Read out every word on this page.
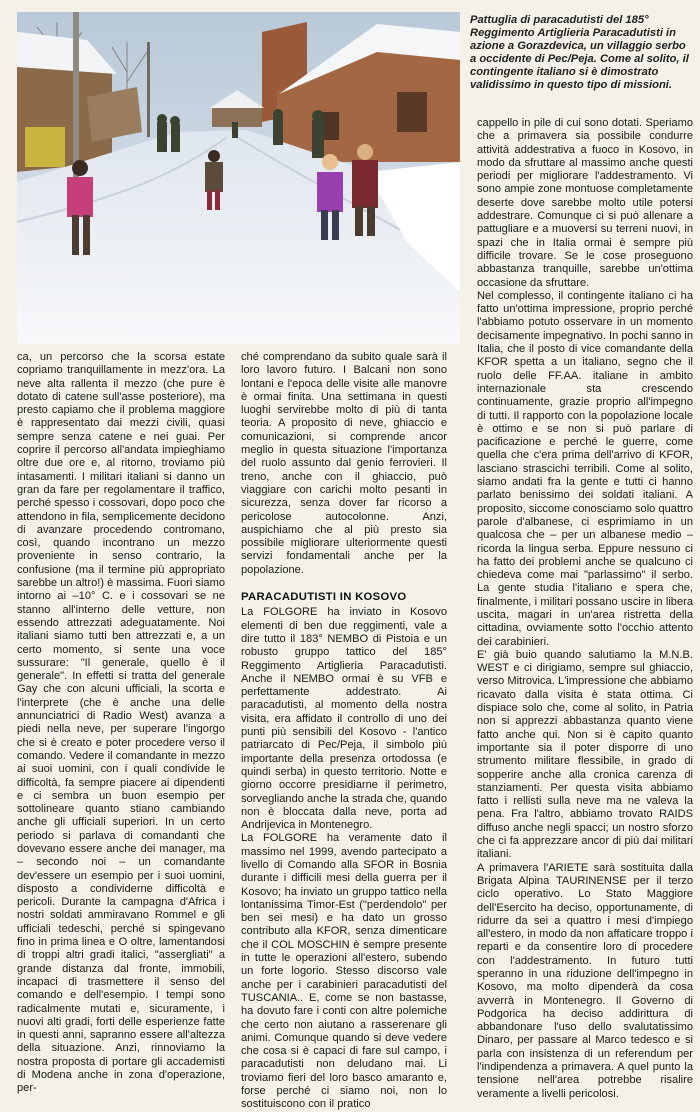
Pattuglia di paracadutisti del 185° Reggimento Artiglieria Paracadutisti in azione a Gorazdevica, un villaggio serbo a occidente di Pec/Peja. Come al solito, il contingente italiano si è dimostrato validissimo in questo tipo di missioni.

ca, un percorso che la scorsa estate copriamo tranquillamente in mezz'ora. La neve alta rallenta il mezzo (che pure è dotato di catene sull'asse posteriore), ma presto capiamo che il problema maggiore è rappresentato dai mezzi civili, quasi sempre senza catene e nei guai. Per coprire il percorso all'andata impieghiamo oltre due ore e, al ritorno, troviamo più intasamenti. I militari italiani si danno un gran da fare per regolamentare il traffico, perché spesso i cossovari, dopo poco che attendono in fila, semplicemente decidono di avanzare procedendo contromano, così, quando incontrano un mezzo proveniente in senso contrario, la confusione (ma il termine più appropriato sarebbe un altro!) è massima. Fuori siamo intorno ai –10° C. e i cossovari se ne stanno all'interno delle vetture, non essendo attrezzati adeguatamente. Noi italiani siamo tutti ben attrezzati e, a un certo momento, si sente una voce sussurare: "Il generale, quello è il generale". In effetti si tratta del generale Gay che con alcuni ufficiali, la scorta e l'interprete (che è anche una delle annunciatrici di Radio West) avanza a piedi nella neve, per superare l'ingorgo che si è creato e poter procedere verso il comando. Vedere il comandante in mezzo ai suoi uomini, con i quali condivide le difficoltà, fa sempre piacere ai dipendenti e ci sembra un buon esempio per sottolineare quanto stiano cambiando anche gli ufficiali superiori. In un certo periodo si parlava di comandanti che dovevano essere anche dei manager, ma – secondo noi – un comandante dev'essere un esempio per i suoi uomini, disposto a condividerne difficoltà e pericoli. Durante la campagna d'Africa i nostri soldati ammiravano Rommel e gli ufficiali tedeschi, perché si spingevano fino in prima linea e O oltre, lamentandosi di troppi altri gradi italici, "assergliati" a grande distanza dal fronte, immobili, incapaci di trasmettere il senso del comando e dell'esempio. I tempi sono radicalmente mutati e, sicuramente, i nuovi alti gradi, forti delle esperienze fatte in questi anni, sapranno essere all'altezza della situazione. Anzi, rinnoviamo la nostra proposta di portare gli accademisti di Modena anche in zona d'operazione, per-

ché comprendano da subito quale sarà il loro lavoro futuro. I Balcani non sono lontani e l'epoca delle visite alle manovre è ormai finita. Una settimana in questi luoghi servirebbe molto di più di tanta teoria. A proposito di neve, ghiaccio e comunicazioni, si comprende ancor meglio in questa situazione l'importanza del ruolo assunto dal genio ferrovieri. Il treno, anche con il ghiaccio, può viaggiare con carichi molto pesanti in sicurezza, senza dover far ricorso a pericolose autocolonne. Anzi, auspichiamo che al più presto sia possibile migliorare ulteriormente questi servizi fondamentali anche per la popolazione.

PARACADUTISTI IN KOSOVO

La FOLGORE ha inviato in Kosovo elementi di ben due reggimenti, vale a dire tutto il 183° NEMBO di Pistoia e un robusto gruppo tattico del 185° Reggimento Artiglieria Paracadutisti. Anche il NEMBO ormai è su VFB e perfettamente addestrato. Ai paracadutisti, al momento della nostra visita, era affidato il controllo di uno dei punti più sensibili del Kosovo - l'antico patriarcato di Pec/Peja, il simbolo più importante della presenza ortodossa (e quindi serba) in questo territorio. Notte e giorno occorre presidiarne il perimetro, sorvegliando anche la strada che, quando non è bloccata dalla neve, porta ad Andrijevica in Montenegro.

La FOLGORE ha veramente dato il massimo nel 1999, avendo partecipato a livello di Comando alla SFOR in Bosnia durante i difficili mesi della guerra per il Kosovo; ha inviato un gruppo tattico nella lontanissima Timor-Est ("perdendolo" per ben sei mesi) e ha dato un grosso contributo alla KFOR, senza dimenticare che il COL MOSCHIN è sempre presente in tutte le operazioni all'estero, subendo un forte logorio. Stesso discorso vale anche per i carabinieri paracadutisti del TUSCANIA.. E, come se non bastasse, ha dovuto fare i conti con altre polemiche che certo non aiutano a rasserenare gli animi. Comunque quando si deve vedere che cosa si è capaci di fare sul campo, i paracadutisti non deludano mai. Li troviamo fieri del loro basco amaranto e, forse perché ci siamo noi, non lo sostituiscono con il pratico

cappello in pile di cui sono dotati. Speriamo che a primavera sia possibile condurre attività addestrativa a fuoco in Kosovo, in modo da sfruttare al massimo anche questi periodi per migliorare l'addestramento. Vi sono ampie zone montuose completamente deserte dove sarebbe molto utile potersi addestrare. Comunque ci si può allenare a pattugliare e a muoversi su terreni nuovi, in spazi che in Italia ormai è sempre più difficile trovare. Se le cose proseguono abbastanza tranquille, sarebbe un'ottima occasione da sfruttare.

Nel complesso, il contingente italiano ci ha fatto un'ottima impressione, proprio perché l'abbiamo potuto osservare in un momento decisamente impegnativo. In pochi sanno in Italia, che il posto di vice comandante della KFOR spetta a un italiano, segno che il ruolo delle FF.AA. italiane in ambito internazionale sta crescendo continuamente, grazie proprio all'impegno di tutti. Il rapporto con la popolazione locale è ottimo e se non si può parlare di pacificazione e perché le guerre, come quella che c'era prima dell'arrivo di KFOR, lasciano strascichi terribili. Come al solito, siamo andati fra la gente e tutti ci hanno parlato benissimo dei soldati italiani. A proposito, siccome conosciamo solo quattro parole d'albanese, ci esprimiamo in un qualcosa che – per un albanese medio – ricorda la lingua serba. Eppure nessuno ci ha fatto dei problemi anche se qualcuno ci chiedeva come mai "parlassimo" il serbo. La gente studia l'italiano e spera che, finalmente, i militari possano uscire in libera uscita, magari in un'area ristretta della cittadina, ovviamente sotto l'occhio attento dei carabinieri.

E' già buio quando salutiamo la M.N.B. WEST e ci dirigiamo, sempre sul ghiaccio, verso Mitrovica. L'impressione che abbiamo ricavato dalla visita è stata ottima. Ci dispiace solo che, come al solito, in Patria non si apprezzi abbastanza quanto viene fatto anche qui. Non si è capito quanto importante sia il poter disporre di uno strumento militare flessibile, in grado di sopperire anche alla cronica carenza di stanziamenti. Per questa visita abbiamo fatto i rellisti sulla neve ma ne valeva la pena. Fra l'altro, abbiamo trovato RAIDS diffuso anche negli spacci; un nostro sforzo che ci fa apprezzare ancor di più dai militari italiani.

A primavera l'ARIETE sarà sostituita dalla Brigata Alpina TAURINENSE per il terzo ciclo operativo. Lo Stato Maggiore dell'Esercito ha deciso, opportunamente, di ridurre da sei a quattro i mesi d'impiego all'estero, in modo da non affaticare troppo i reparti e da consentire loro di procedere con l'addestramento. In futuro tutti speranno in una riduzione dell'impegno in Kosovo, ma molto dipenderà da cosa avverrà in Montenegro. Il Governo di Podgorica ha deciso addirittura di abbandonare l'uso dello svalutatissimo Dinaro, per passare al Marco tedesco e si parla con insistenza di un referendum per l'indipendenza a primavera. A quel punto la tensione nell'area potrebbe risalire veramente a livelli pericolosi.
